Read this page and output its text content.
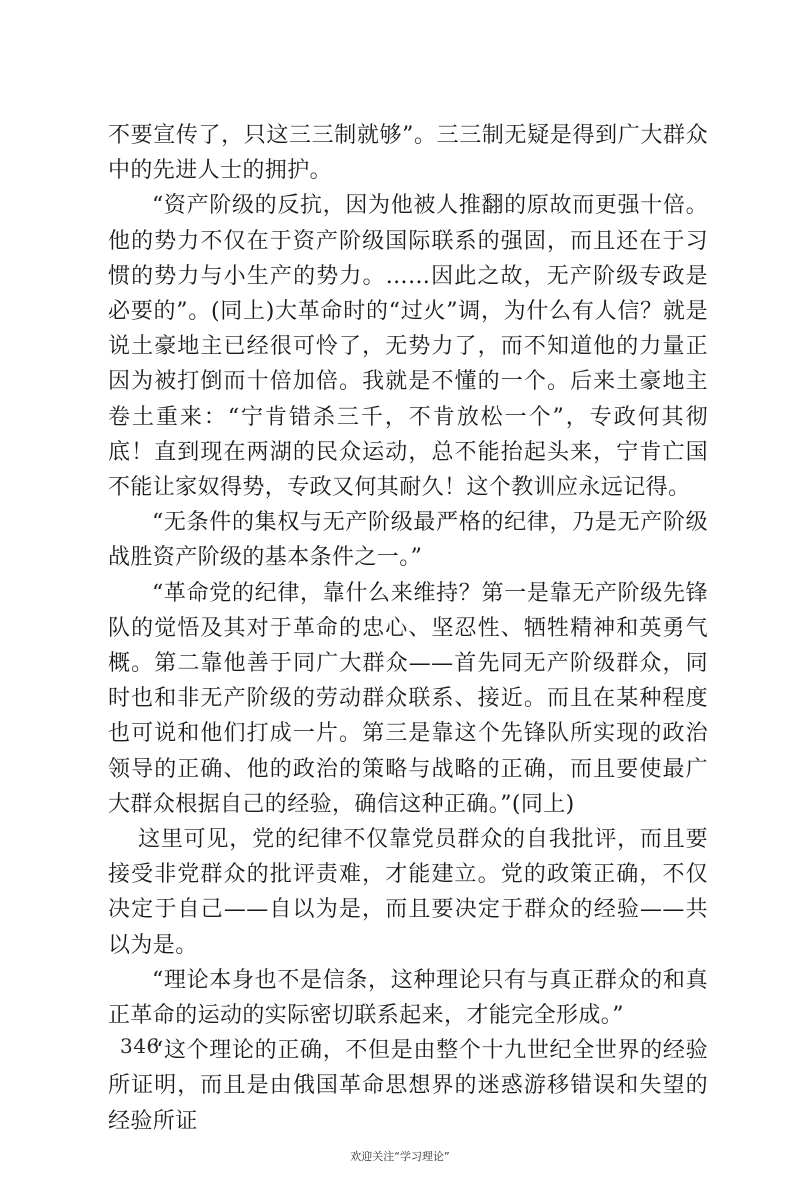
不要宣传了，只这三三制就够”。三三制无疑是得到广大群众中的先进人士的拥护。

“资产阶级的反抗，因为他被人推翻的原故而更强十倍。他的势力不仅在于资产阶级国际联系的强固，而且还在于习惯的势力与小生产的势力。……因此之故，无产阶级专政是必要的”。(同上)大革命时的“过火”调，为什么有人信？就是说土豪地主已经很可怜了，无势力了，而不知道他的力量正因为被打倒而十倍加倍。我就是不懂的一个。后来土豪地主卷土重来：“宁肯错杀三千，不肯放松一个”，专政何其彻底！直到现在两湖的民众运动，总不能抬起头来，宁肯亡国不能让家奴得势，专政又何其耐久！这个教训应永远记得。

“无条件的集权与无产阶级最严格的纪律，乃是无产阶级战胜资产阶级的基本条件之一。”

“革命党的纪律，靠什么来维持？第一是靠无产阶级先锋队的觉悟及其对于革命的忠心、坚忍性、牺牲精神和英勇气概。第二靠他善于同广大群众——首先同无产阶级群众，同时也和非无产阶级的劳动群众联系、接近。而且在某种程度也可说和他们打成一片。第三是靠这个先锋队所实现的政治领导的正确、他的政治的策略与战略的正确，而且要使最广大群众根据自己的经验，确信这种正确。”(同上)

这里可见，党的纪律不仅靠党员群众的自我批评，而且要接受非党群众的批评责难，才能建立。党的政策正确，不仅决定于自己——自以为是，而且要决定于群众的经验——共以为是。

“理论本身也不是信条，这种理论只有与真正群众的和真正革命的运动的实际密切联系起来，才能完全形成。”

“这个理论的正确，不但是由整个十九世纪全世界的经验所证明，而且是由俄国革命思想界的迷惑游移错误和失望的经验所证

346
欢迎关注“学习理论”
